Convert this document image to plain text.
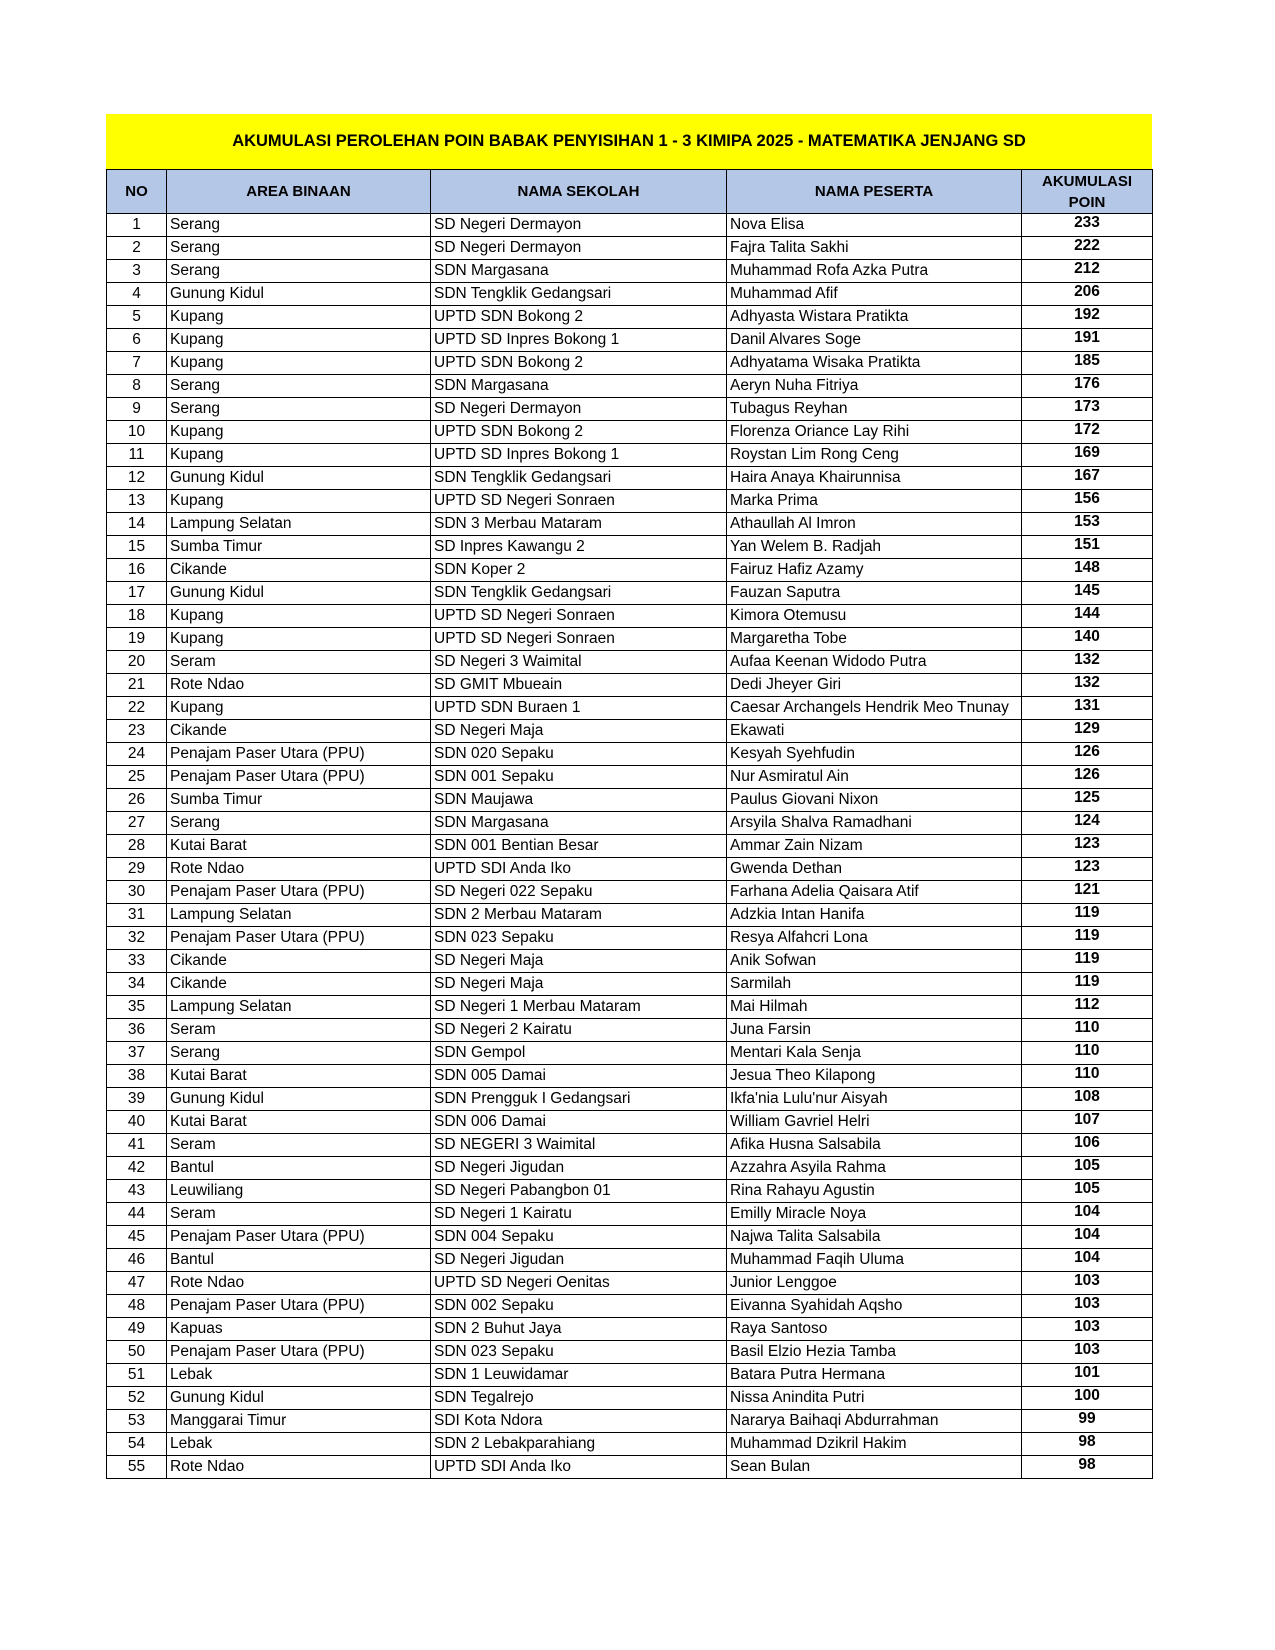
AKUMULASI PEROLEHAN POIN BABAK PENYISIHAN 1 - 3 KIMIPA 2025 - MATEMATIKA JENJANG SD
NO	AREA BINAAN	NAMA SEKOLAH	NAMA PESERTA	AKUMULASI POIN
1	Serang	SD Negeri Dermayon	Nova Elisa	233
2	Serang	SD Negeri Dermayon	Fajra Talita Sakhi	222
3	Serang	SDN Margasana	Muhammad Rofa Azka Putra	212
4	Gunung Kidul	SDN Tengklik Gedangsari	Muhammad Afif	206
5	Kupang	UPTD SDN Bokong 2	Adhyasta Wistara Pratikta	192
6	Kupang	UPTD SD Inpres Bokong 1	Danil Alvares Soge	191
7	Kupang	UPTD SDN Bokong 2	Adhyatama Wisaka Pratikta	185
8	Serang	SDN Margasana	Aeryn Nuha Fitriya	176
9	Serang	SD Negeri Dermayon	Tubagus Reyhan	173
10	Kupang	UPTD SDN Bokong 2	Florenza Oriance Lay Rihi	172
11	Kupang	UPTD SD Inpres Bokong 1	Roystan Lim Rong Ceng	169
12	Gunung Kidul	SDN Tengklik Gedangsari	Haira Anaya Khairunnisa	167
13	Kupang	UPTD SD Negeri Sonraen	Marka Prima	156
14	Lampung Selatan	SDN 3 Merbau Mataram	Athaullah Al Imron	153
15	Sumba Timur	SD Inpres Kawangu 2	Yan Welem B. Radjah	151
16	Cikande	SDN Koper 2	Fairuz Hafiz Azamy	148
17	Gunung Kidul	SDN Tengklik Gedangsari	Fauzan Saputra	145
18	Kupang	UPTD SD Negeri Sonraen	Kimora Otemusu	144
19	Kupang	UPTD SD Negeri Sonraen	Margaretha Tobe	140
20	Seram	SD Negeri 3 Waimital	Aufaa Keenan Widodo Putra	132
21	Rote Ndao	SD GMIT Mbueain	Dedi Jheyer Giri	132
22	Kupang	UPTD SDN Buraen 1	Caesar Archangels Hendrik Meo Tnunay	131
23	Cikande	SD Negeri Maja	Ekawati	129
24	Penajam Paser Utara (PPU)	SDN 020 Sepaku	Kesyah Syehfudin	126
25	Penajam Paser Utara (PPU)	SDN 001 Sepaku	Nur Asmiratul Ain	126
26	Sumba Timur	SDN Maujawa	Paulus Giovani Nixon	125
27	Serang	SDN Margasana	Arsyila Shalva Ramadhani	124
28	Kutai Barat	SDN 001 Bentian Besar	Ammar Zain Nizam	123
29	Rote Ndao	UPTD SDI Anda Iko	Gwenda Dethan	123
30	Penajam Paser Utara (PPU)	SD Negeri 022 Sepaku	Farhana Adelia Qaisara Atif	121
31	Lampung Selatan	SDN 2 Merbau Mataram	Adzkia Intan Hanifa	119
32	Penajam Paser Utara (PPU)	SDN 023 Sepaku	Resya Alfahcri Lona	119
33	Cikande	SD Negeri Maja	Anik Sofwan	119
34	Cikande	SD Negeri Maja	Sarmilah	119
35	Lampung Selatan	SD Negeri 1 Merbau Mataram	Mai Hilmah	112
36	Seram	SD Negeri 2 Kairatu	Juna Farsin	110
37	Serang	SDN Gempol	Mentari Kala Senja	110
38	Kutai Barat	SDN 005 Damai	Jesua Theo Kilapong	110
39	Gunung Kidul	SDN Prengguk I Gedangsari	Ikfa'nia Lulu'nur Aisyah	108
40	Kutai Barat	SDN 006 Damai	William Gavriel Helri	107
41	Seram	SD NEGERI 3 Waimital	Afika Husna Salsabila	106
42	Bantul	SD Negeri Jigudan	Azzahra Asyila Rahma	105
43	Leuwiliang	SD Negeri Pabangbon 01	Rina Rahayu Agustin	105
44	Seram	SD Negeri 1 Kairatu	Emilly Miracle Noya	104
45	Penajam Paser Utara (PPU)	SDN 004 Sepaku	Najwa Talita Salsabila	104
46	Bantul	SD Negeri Jigudan	Muhammad Faqih Uluma	104
47	Rote Ndao	UPTD SD Negeri Oenitas	Junior Lenggoe	103
48	Penajam Paser Utara (PPU)	SDN 002 Sepaku	Eivanna Syahidah Aqsho	103
49	Kapuas	SDN 2 Buhut Jaya	Raya Santoso	103
50	Penajam Paser Utara (PPU)	SDN 023 Sepaku	Basil Elzio Hezia Tamba	103
51	Lebak	SDN 1 Leuwidamar	Batara Putra Hermana	101
52	Gunung Kidul	SDN Tegalrejo	Nissa Anindita Putri	100
53	Manggarai Timur	SDI Kota Ndora	Nararya Baihaqi Abdurrahman	99
54	Lebak	SDN 2 Lebakparahiang	Muhammad Dzikril Hakim	98
55	Rote Ndao	UPTD SDI Anda Iko	Sean Bulan	98
